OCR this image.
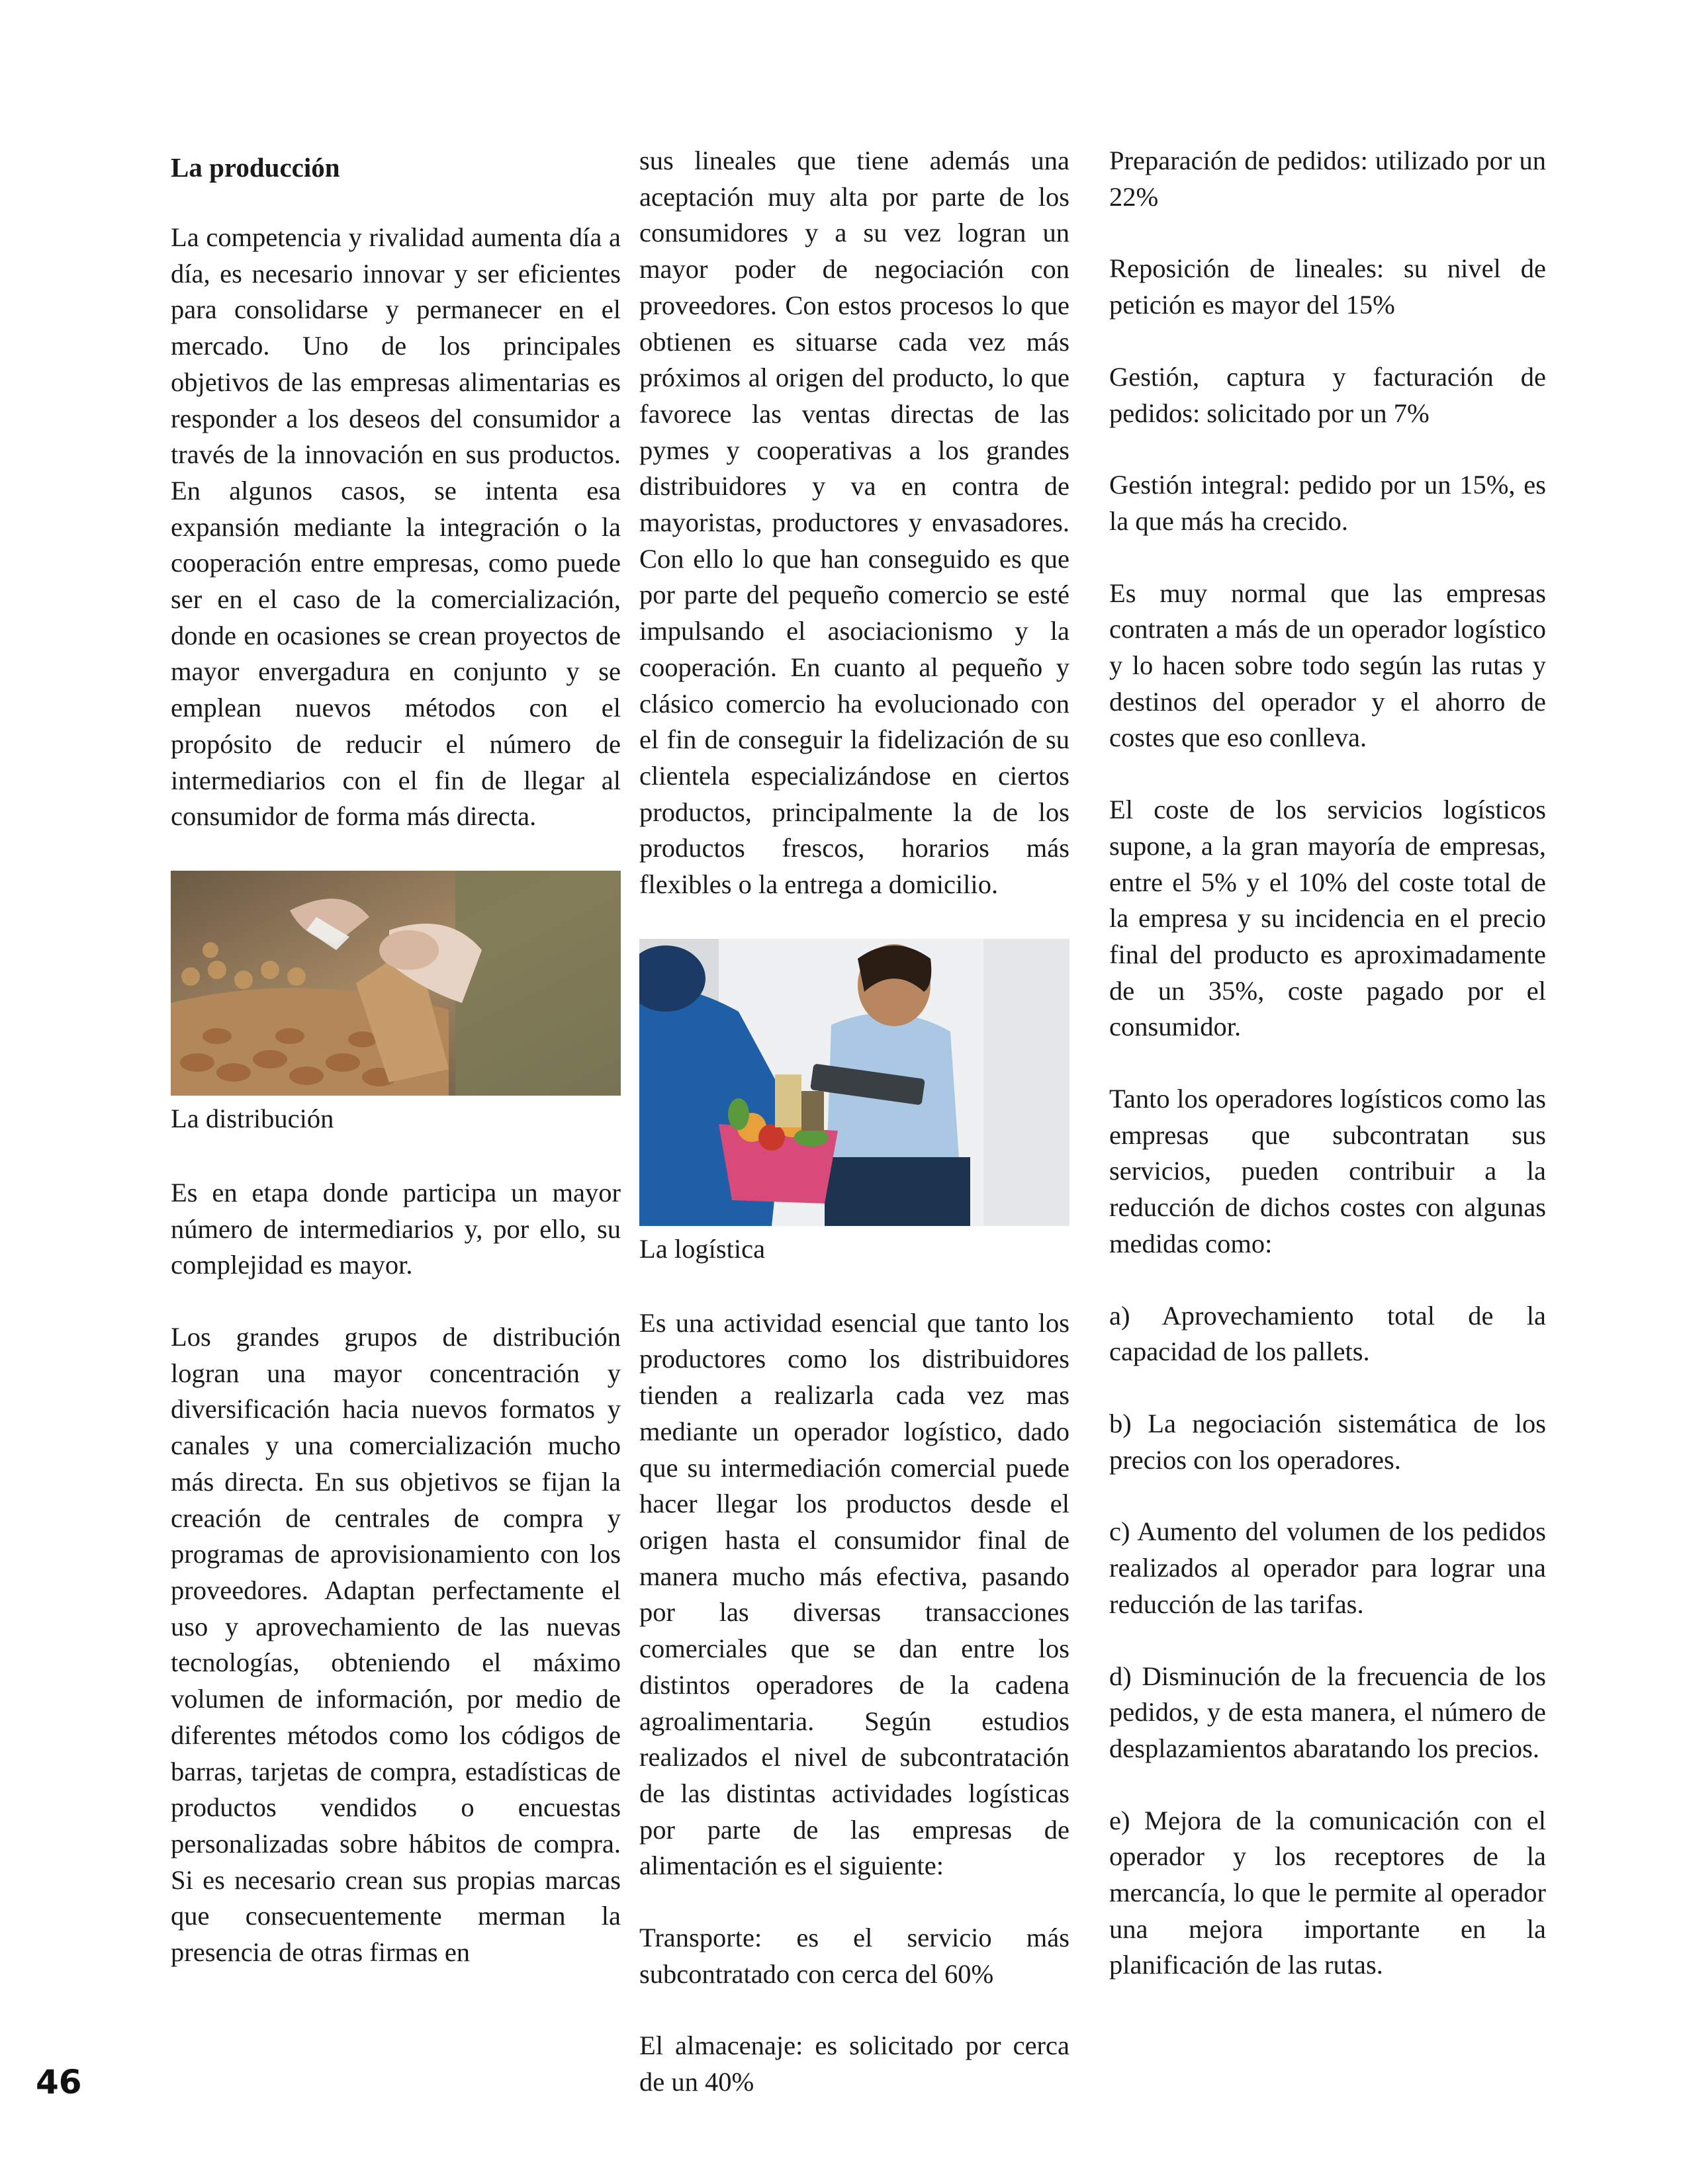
La producción

La competencia y rivalidad aumenta día a día, es necesario innovar y ser eficientes para consolidarse y permanecer en el mercado. Uno de los principales objetivos de las empresas alimentarias es responder a los deseos del consumidor a través de la innovación en sus productos. En algunos casos, se intenta esa expansión mediante la integración o la cooperación entre empresas, como puede ser en el caso de la comercialización, donde en ocasiones se crean proyectos de mayor envergadura en conjunto y se emplean nuevos métodos con el propósito de reducir el número de intermediarios con el fin de llegar al consumidor de forma más directa.

La distribución

Es en etapa donde participa un mayor número de intermediarios y, por ello, su complejidad es mayor.

Los grandes grupos de distribución logran una mayor concentración y diversificación hacia nuevos formatos y canales y una comercialización mucho más directa. En sus objetivos se fijan la creación de centrales de compra y programas de aprovisionamiento con los proveedores. Adaptan perfectamente el uso y aprovechamiento de las nuevas tecnologías, obteniendo el máximo volumen de información, por medio de diferentes métodos como los códigos de barras, tarjetas de compra, estadísticas de productos vendidos o encuestas personalizadas sobre hábitos de compra. Si es necesario crean sus propias marcas que consecuentemente merman la presencia de otras firmas en

sus lineales que tiene además una aceptación muy alta por parte de los consumidores y a su vez logran un mayor poder de negociación con proveedores. Con estos procesos lo que obtienen es situarse cada vez más próximos al origen del producto, lo que favorece las ventas directas de las pymes y cooperativas a los grandes distribuidores y va en contra de mayoristas, productores y envasadores. Con ello lo que han conseguido es que por parte del pequeño comercio se esté impulsando el asociacionismo y la cooperación. En cuanto al pequeño y clásico comercio ha evolucionado con el fin de conseguir la fidelización de su clientela especializándose en ciertos productos, principalmente la de los productos frescos, horarios más flexibles o la entrega a domicilio.

La logística

Es una actividad esencial que tanto los productores como los distribuidores tienden a realizarla cada vez mas mediante un operador logístico, dado que su intermediación comercial puede hacer llegar los productos desde el origen hasta el consumidor final de manera mucho más efectiva, pasando por las diversas transacciones comerciales que se dan entre los distintos operadores de la cadena agroalimentaria. Según estudios realizados el nivel de subcontratación de las distintas actividades logísticas por parte de las empresas de alimentación es el siguiente:

Transporte: es el servicio más subcontratado con cerca del 60%

El almacenaje: es solicitado por cerca de un 40%

Preparación de pedidos: utilizado por un 22%

Reposición de lineales: su nivel de petición es mayor del 15%

Gestión, captura y facturación de pedidos: solicitado por un 7%

Gestión integral: pedido por un 15%, es la que más ha crecido.

Es muy normal que las empresas contraten a más de un operador logístico y lo hacen sobre todo según las rutas y destinos del operador y el ahorro de costes que eso conlleva.

El coste de los servicios logísticos supone, a la gran mayoría de empresas, entre el 5% y el 10% del coste total de la empresa y su incidencia en el precio final del producto es aproximadamente de un 35%, coste pagado por el consumidor.

Tanto los operadores logísticos como las empresas que subcontratan sus servicios, pueden contribuir a la reducción de dichos costes con algunas medidas como:

a) Aprovechamiento total de la capacidad de los pallets.

b) La negociación sistemática de los precios con los operadores.

c) Aumento del volumen de los pedidos realizados al operador para lograr una reducción de las tarifas.

d) Disminución de la frecuencia de los pedidos, y de esta manera, el número de desplazamientos abaratando los precios.

e) Mejora de la comunicación con el operador y los receptores de la mercancía, lo que le permite al operador una mejora importante en la planificación de las rutas.

46
